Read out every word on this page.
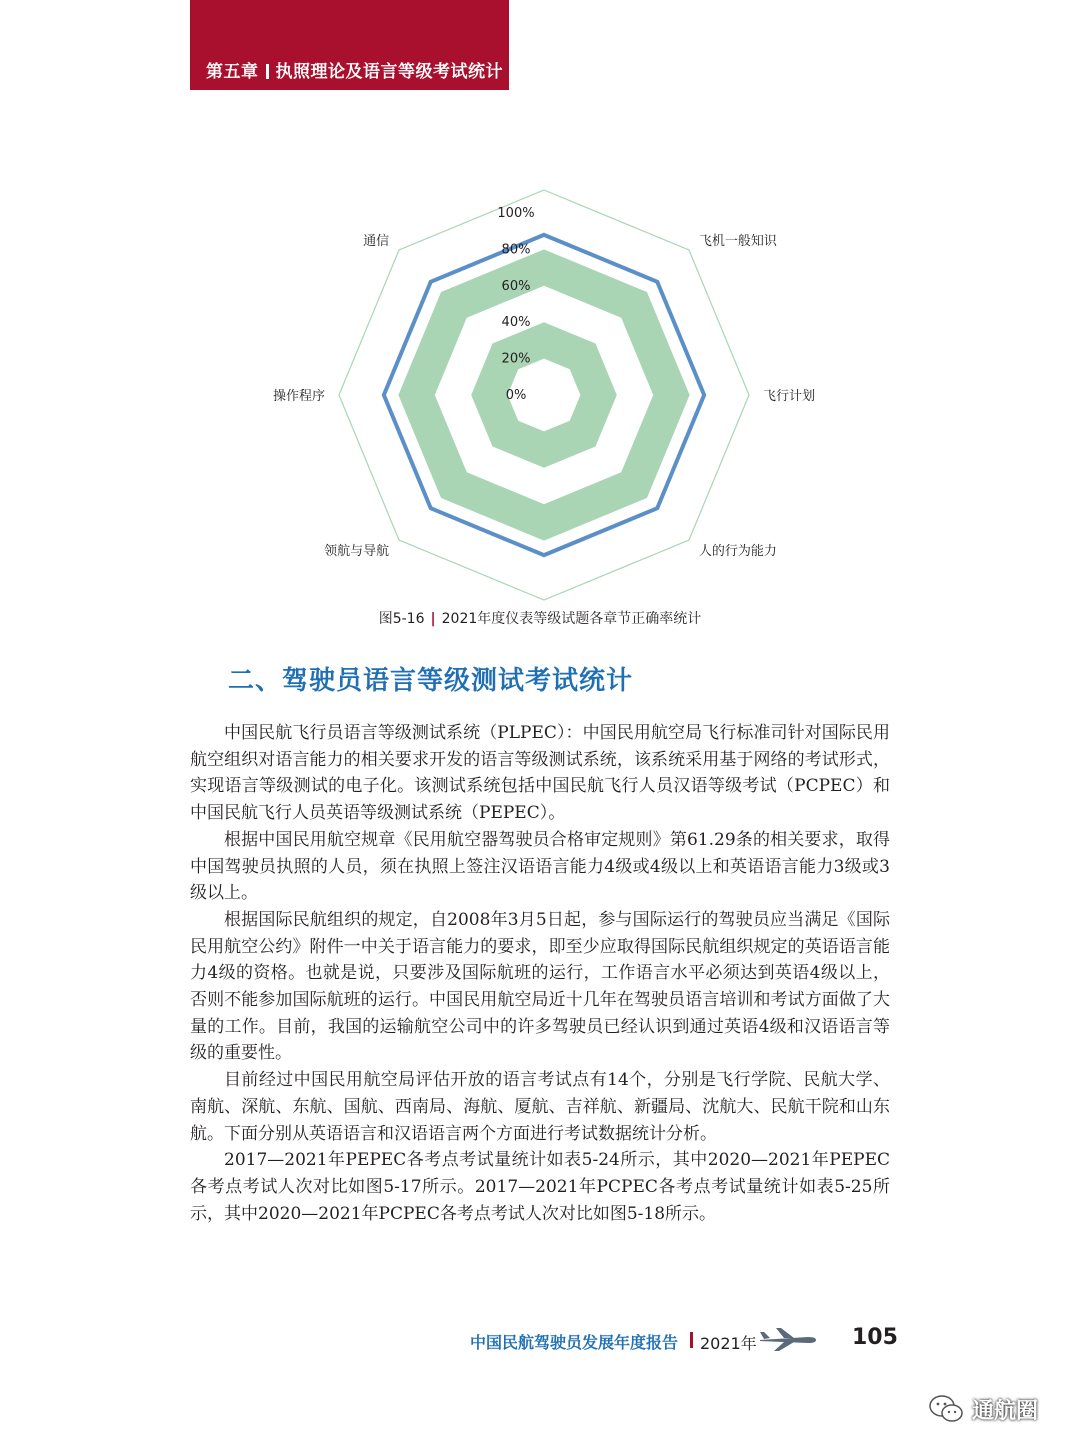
第五章 执照理论及语言等级考试统计
0%
20%
40%
60%
80%
100%
飞机一般知识
飞行计划
人的行为能力
领航与导航
操作程序
通信
图5-16 | 2021年度仪表等级试题各章节正确率统计
二、驾驶员语言等级测试考试统计

中国民航飞行员语言等级测试系统（PLPEC）：中国民用航空局飞行标准司针对国际民用航空组织对语言能力的相关要求开发的语言等级测试系统，该系统采用基于网络的考试形式，实现语言等级测试的电子化。该测试系统包括中国民航飞行人员汉语等级考试（PCPEC）和中国民航飞行人员英语等级测试系统（PEPEC）。

根据中国民用航空规章《民用航空器驾驶员合格审定规则》第61.29条的相关要求，取得中国驾驶员执照的人员，须在执照上签注汉语语言能力4级或4级以上和英语语言能力3级或3级以上。

根据国际民航组织的规定，自2008年3月5日起，参与国际运行的驾驶员应当满足《国际民用航空公约》附件一中关于语言能力的要求，即至少应取得国际民航组织规定的英语语言能力4级的资格。也就是说，只要涉及国际航班的运行，工作语言水平必须达到英语4级以上，否则不能参加国际航班的运行。中国民用航空局近十几年在驾驶员语言培训和考试方面做了大量的工作。目前，我国的运输航空公司中的许多驾驶员已经认识到通过英语4级和汉语语言等级的重要性。

目前经过中国民用航空局评估开放的语言考试点有14个，分别是飞行学院、民航大学、南航、深航、东航、国航、西南局、海航、厦航、吉祥航、新疆局、沈航大、民航干院和山东航。下面分别从英语语言和汉语语言两个方面进行考试数据统计分析。

2017—2021年PEPEC各考点考试量统计如表5-24所示，其中2020—2021年PEPEC各考点考试人次对比如图5-17所示。2017—2021年PCPEC各考点考试量统计如表5-25所示，其中2020—2021年PCPEC各考点考试人次对比如图5-18所示。

中国民航驾驶员发展年度报告 2021年	105
通航圈
